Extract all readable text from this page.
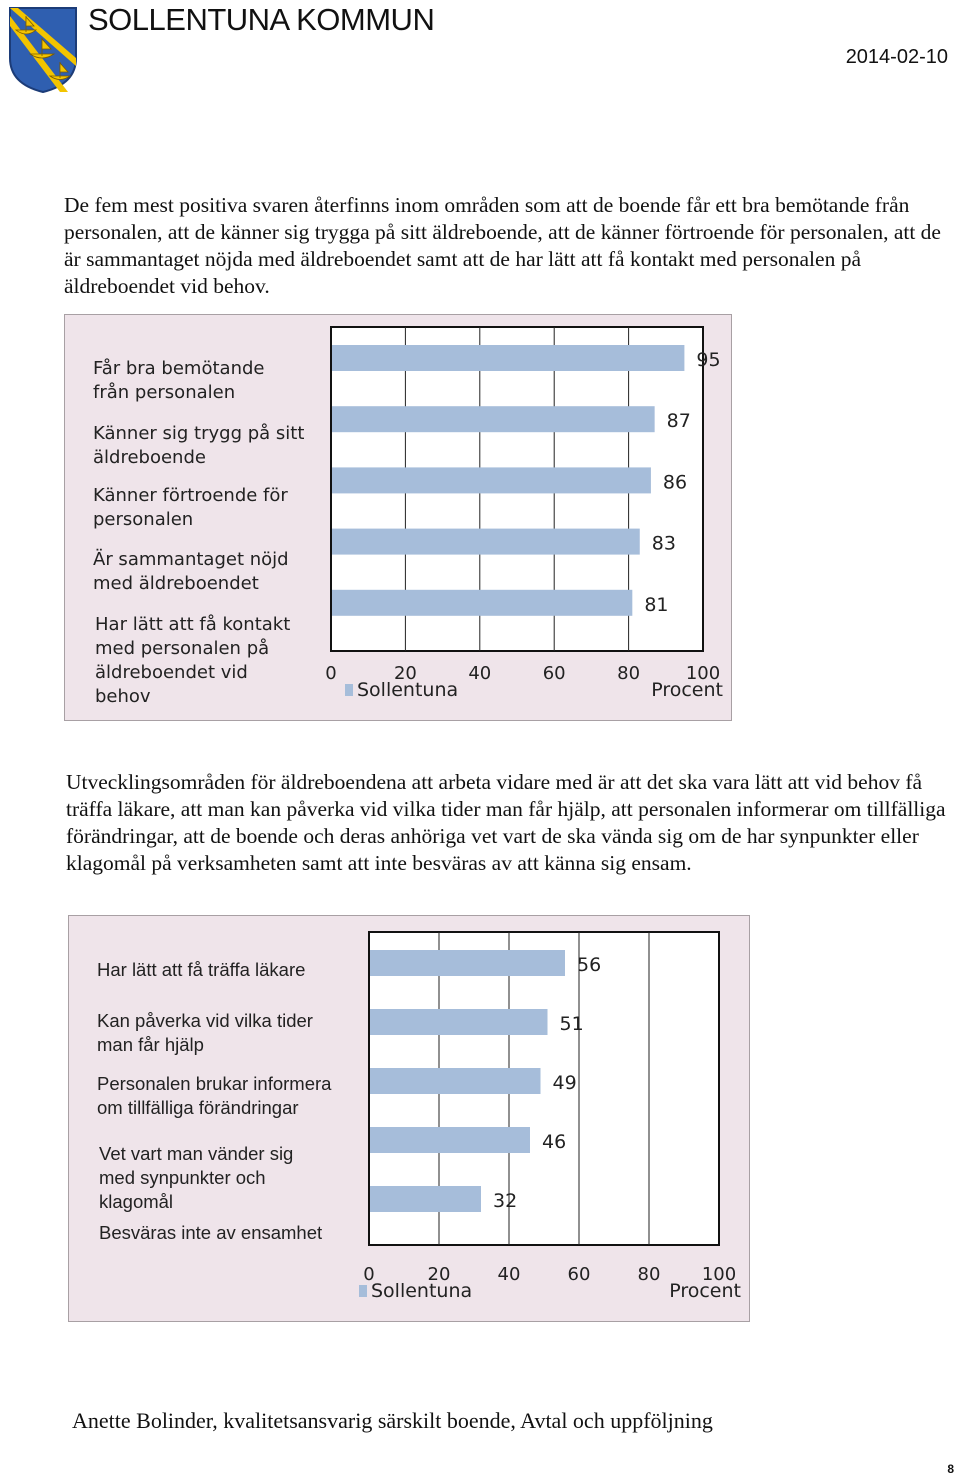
SOLLENTUNA KOMMUN
2014-02-10

De fem mest positiva svaren återfinns inom områden som att de boende får ett bra bemötande från personalen, att de känner sig trygga på sitt äldreboende, att de känner förtroende för personalen, att de är sammantaget nöjda med äldreboendet samt att de har lätt att få kontakt med personalen på äldreboendet vid behov.

Får bra bemötande
från personalen
Känner sig trygg på sitt
äldreboende
Känner förtroende för
personalen
Är sammantaget nöjd
med äldreboendet
Har lätt att få kontakt
med personalen på
äldreboendet vid
behov
0	20	40	60	80	100
95
87
86
83
81
Sollentuna	Procent

Utvecklingsområden för äldreboendena att arbeta vidare med är att det ska vara lätt att vid behov få träffa läkare, att man kan påverka vid vilka tider man får hjälp, att personalen informerar om tillfälliga förändringar, att de boende och deras anhöriga vet vart de ska vända sig om de har synpunkter eller klagomål på verksamheten samt att inte besväras av att känna sig ensam.

Har lätt att få träffa läkare
Kan påverka vid vilka tider
man får hjälp
Personalen brukar informera
om tillfälliga förändringar
Vet vart man vänder sig
med synpunkter och
klagomål
Besväras inte av ensamhet
0	20	40	60	80 100
56
51
49
46
32
Sollentuna	Procent
Anette Bolinder, kvalitetsansvarig särskilt boende, Avtal och uppföljning
8
